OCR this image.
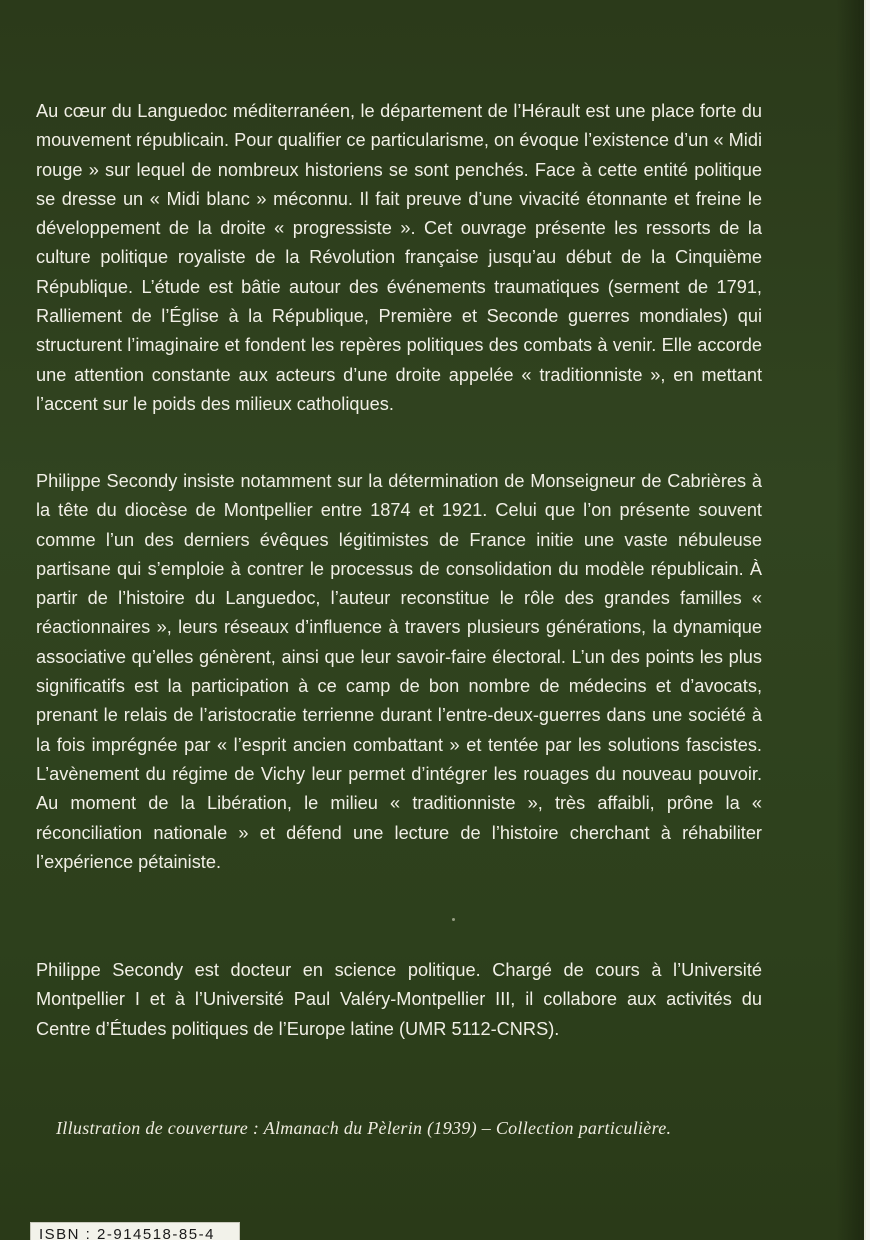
Au cœur du Languedoc méditerranéen, le département de l’Hérault est une place forte du mouvement républicain. Pour qualifier ce particularisme, on évoque l’existence d’un « Midi rouge » sur lequel de nombreux historiens se sont penchés. Face à cette entité politique se dresse un « Midi blanc » méconnu. Il fait preuve d’une vivacité étonnante et freine le développement de la droite « progressiste ». Cet ouvrage présente les ressorts de la culture politique royaliste de la Révolution française jusqu’au début de la Cinquième République. L’étude est bâtie autour des événements traumatiques (serment de 1791, Ralliement de l’Église à la République, Première et Seconde guerres mondiales) qui structurent l’imaginaire et fondent les repères politiques des combats à venir. Elle accorde une attention constante aux acteurs d’une droite appelée « traditionniste », en mettant l’accent sur le poids des milieux catholiques.

Philippe Secondy insiste notamment sur la détermination de Monseigneur de Cabrières à la tête du diocèse de Montpellier entre 1874 et 1921. Celui que l’on présente souvent comme l’un des derniers évêques légitimistes de France initie une vaste nébuleuse partisane qui s’emploie à contrer le processus de consolidation du modèle républicain. À partir de l’histoire du Languedoc, l’auteur reconstitue le rôle des grandes familles « réactionnaires », leurs réseaux d’influence à travers plusieurs générations, la dynamique associative qu’elles génèrent, ainsi que leur savoir-faire électoral. L’un des points les plus significatifs est la participation à ce camp de bon nombre de médecins et d’avocats, prenant le relais de l’aristocratie terrienne durant l’entre-deux-guerres dans une société à la fois imprégnée par « l’esprit ancien combattant » et tentée par les solutions fascistes. L’avènement du régime de Vichy leur permet d’intégrer les rouages du nouveau pouvoir. Au moment de la Libération, le milieu « traditionniste », très affaibli, prône la « réconciliation nationale » et défend une lecture de l’histoire cherchant à réhabiliter l’expérience pétainiste.

Philippe Secondy est docteur en science politique. Chargé de cours à l’Université Montpellier I et à l’Université Paul Valéry-Montpellier III, il collabore aux activités du Centre d’Études politiques de l’Europe latine (UMR 5112-CNRS).

Illustration de couverture : Almanach du Pèlerin (1939) – Collection particulière.

ISBN : 2-914518-85-4
